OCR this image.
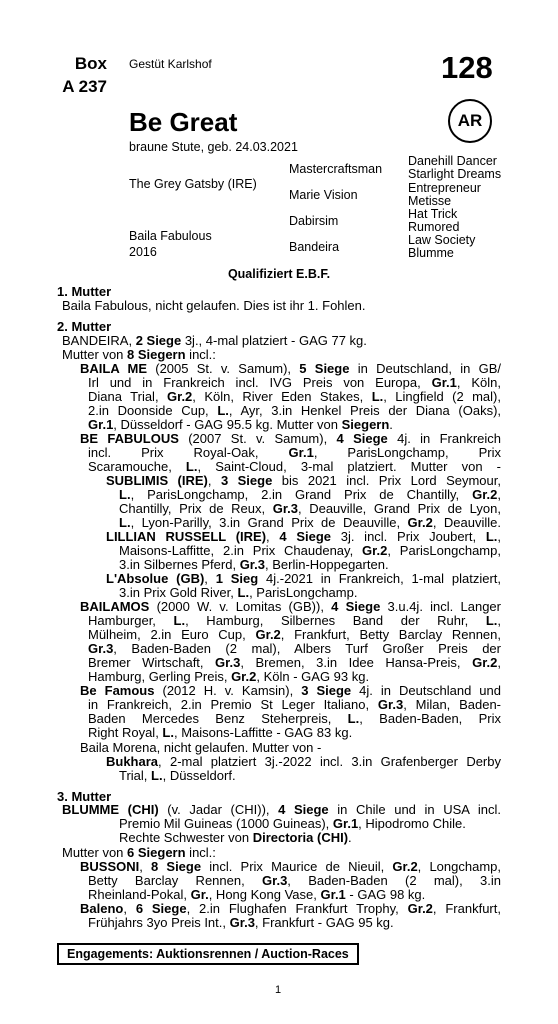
Box
A 237
Gestüt Karlshof	128
Be Great
braune Stute, geb. 24.03.2021
AR
The Grey Gatsby (IRE)
Baila Fabulous
2016
Mastercraftsman
Marie Vision
Dabirsim
Bandeira
Danehill Dancer
Starlight Dreams
Entrepreneur
Metisse
Hat Trick
Rumored
Law Society
Blumme
Qualifiziert E.B.F.
1. Mutter
Baila Fabulous, nicht gelaufen. Dies ist ihr 1. Fohlen.
2. Mutter
BANDEIRA, 2 Siege 3j., 4-mal platziert - GAG 77 kg.
Mutter von 8 Siegern incl.:
BAILA ME (2005 St. v. Samum), 5 Siege in Deutschland, in GB/
Irl und in Frankreich incl. IVG Preis von Europa, Gr.1, Köln,
Diana Trial, Gr.2, Köln, River Eden Stakes, L., Lingfield (2 mal),
2.in Doonside Cup, L., Ayr, 3.in Henkel Preis der Diana (Oaks),
Gr.1, Düsseldorf - GAG 95.5 kg. Mutter von Siegern.
BE FABULOUS (2007 St. v. Samum), 4 Siege 4j. in Frankreich
incl. Prix Royal-Oak, Gr.1, ParisLongchamp, Prix
Scaramouche, L., Saint-Cloud, 3-mal platziert. Mutter von -
SUBLIMIS (IRE), 3 Siege bis 2021 incl. Prix Lord Seymour,
L., ParisLongchamp, 2.in Grand Prix de Chantilly, Gr.2,
Chantilly, Prix de Reux, Gr.3, Deauville, Grand Prix de Lyon,
L., Lyon-Parilly, 3.in Grand Prix de Deauville, Gr.2, Deauville.
LILLIAN RUSSELL (IRE), 4 Siege 3j. incl. Prix Joubert, L.,
Maisons-Laffitte, 2.in Prix Chaudenay, Gr.2, ParisLongchamp,
3.in Silbernes Pferd, Gr.3, Berlin-Hoppegarten.
L'Absolue (GB), 1 Sieg 4j.-2021 in Frankreich, 1-mal platziert,
3.in Prix Gold River, L., ParisLongchamp.
BAILAMOS (2000 W. v. Lomitas (GB)), 4 Siege 3.u.4j. incl. Langer
Hamburger, L., Hamburg, Silbernes Band der Ruhr, L.,
Mülheim, 2.in Euro Cup, Gr.2, Frankfurt, Betty Barclay Rennen,
Gr.3, Baden-Baden (2 mal), Albers Turf Großer Preis der
Bremer Wirtschaft, Gr.3, Bremen, 3.in Idee Hansa-Preis, Gr.2,
Hamburg, Gerling Preis, Gr.2, Köln - GAG 93 kg.
Be Famous (2012 H. v. Kamsin), 3 Siege 4j. in Deutschland und
in Frankreich, 2.in Premio St Leger Italiano, Gr.3, Milan, Baden-
Baden Mercedes Benz Steherpreis, L., Baden-Baden, Prix
Right Royal, L., Maisons-Laffitte - GAG 83 kg.
Baila Morena, nicht gelaufen. Mutter von -
Bukhara, 2-mal platziert 3j.-2022 incl. 3.in Grafenberger Derby
Trial, L., Düsseldorf.
3. Mutter
BLUMME (CHI) (v. Jadar (CHI)), 4 Siege in Chile und in USA incl.
Premio Mil Guineas (1000 Guineas), Gr.1, Hipodromo Chile.
Rechte Schwester von Directoria (CHI).
Mutter von 6 Siegern incl.:
BUSSONI, 8 Siege incl. Prix Maurice de Nieuil, Gr.2, Longchamp,
Betty Barclay Rennen, Gr.3, Baden-Baden (2 mal), 3.in
Rheinland-Pokal, Gr., Hong Kong Vase, Gr.1 - GAG 98 kg.
Baleno, 6 Siege, 2.in Flughafen Frankfurt Trophy, Gr.2, Frankfurt,
Frühjahrs 3yo Preis Int., Gr.3, Frankfurt - GAG 95 kg.
Engagements: Auktionsrennen / Auction-Races
1
